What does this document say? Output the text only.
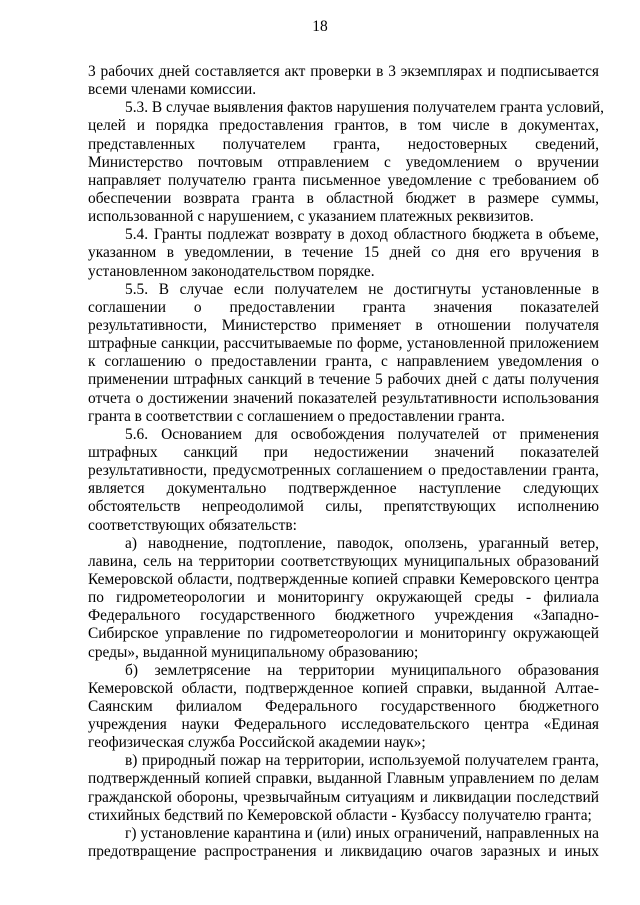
18
3 рабочих дней составляется акт проверки в 3 экземплярах и подписывается
всеми членами комиссии.
5.3. В случае выявления фактов нарушения получателем гранта условий,
целей и порядка предоставления грантов, в том числе в документах,
представленных получателем гранта, недостоверных сведений,
Министерство почтовым отправлением с уведомлением о вручении
направляет получателю гранта письменное уведомление с требованием об
обеспечении возврата гранта в областной бюджет в размере суммы,
использованной с нарушением, с указанием платежных реквизитов.
5.4. Гранты подлежат возврату в доход областного бюджета в объеме,
указанном в уведомлении, в течение 15 дней со дня его вручения в
установленном законодательством порядке.
5.5. В случае если получателем не достигнуты установленные в
соглашении о предоставлении гранта значения показателей
результативности, Министерство применяет в отношении получателя
штрафные санкции, рассчитываемые по форме, установленной приложением
к соглашению о предоставлении гранта, с направлением уведомления о
применении штрафных санкций в течение 5 рабочих дней с даты получения
отчета о достижении значений показателей результативности использования
гранта в соответствии с соглашением о предоставлении гранта.
5.6. Основанием для освобождения получателей от применения
штрафных санкций при недостижении значений показателей
результативности, предусмотренных соглашением о предоставлении гранта,
является документально подтвержденное наступление следующих
обстоятельств непреодолимой силы, препятствующих исполнению
соответствующих обязательств:
а) наводнение, подтопление, паводок, оползень, ураганный ветер,
лавина, сель на территории соответствующих муниципальных образований
Кемеровской области, подтвержденные копией справки Кемеровского центра
по гидрометеорологии и мониторингу окружающей среды - филиала
Федерального государственного бюджетного учреждения «Западно-
Сибирское управление по гидрометеорологии и мониторингу окружающей
среды», выданной муниципальному образованию;
б) землетрясение на территории муниципального образования
Кемеровской области, подтвержденное копией справки, выданной Алтае-
Саянским филиалом Федерального государственного бюджетного
учреждения науки Федерального исследовательского центра «Единая
геофизическая служба Российской академии наук»;
в) природный пожар на территории, используемой получателем гранта,
подтвержденный копией справки, выданной Главным управлением по делам
гражданской обороны, чрезвычайным ситуациям и ликвидации последствий
стихийных бедствий по Кемеровской области - Кузбассу получателю гранта;
г) установление карантина и (или) иных ограничений, направленных на
предотвращение распространения и ликвидацию очагов заразных и иных
